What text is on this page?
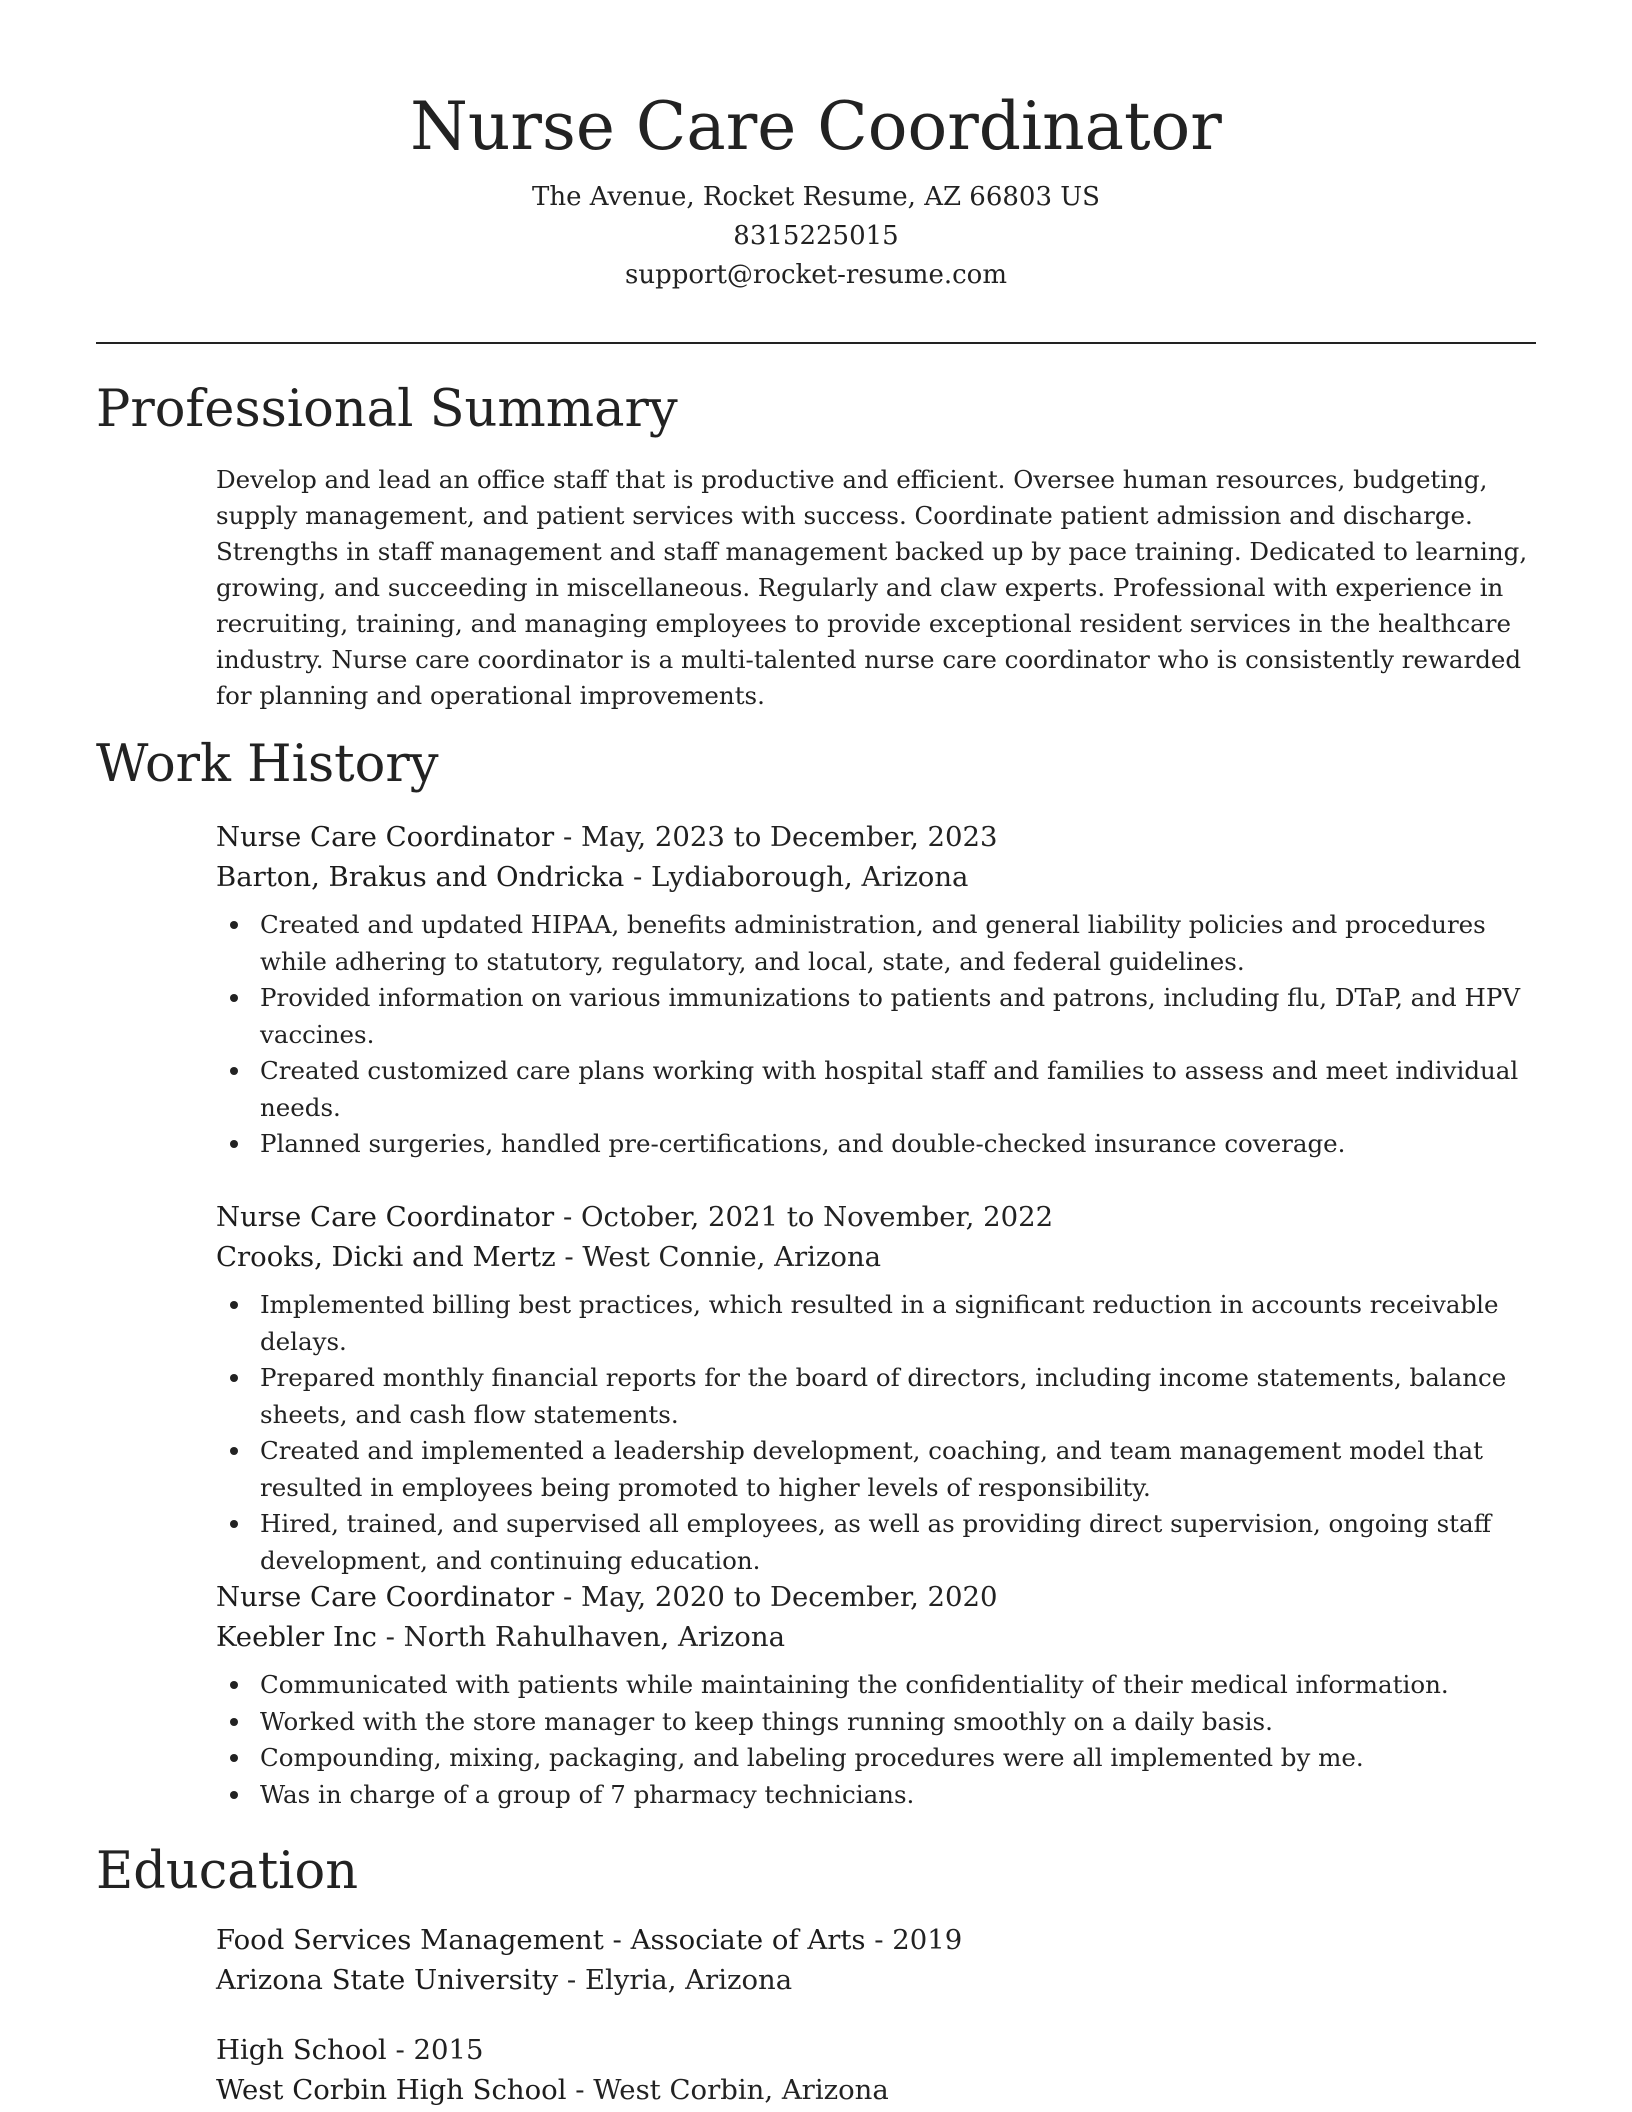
Nurse Care Coordinator
The Avenue, Rocket Resume, AZ 66803 US
8315225015
support@rocket-resume.com
Professional Summary
Develop and lead an office staff that is productive and efficient. Oversee human resources, budgeting, supply management, and patient services with success. Coordinate patient admission and discharge. Strengths in staff management and staff management backed up by pace training. Dedicated to learning, growing, and succeeding in miscellaneous. Regularly and claw experts. Professional with experience in recruiting, training, and managing employees to provide exceptional resident services in the healthcare industry. Nurse care coordinator is a multi-talented nurse care coordinator who is consistently rewarded for planning and operational improvements.
Work History
Nurse Care Coordinator - May, 2023 to December, 2023
Barton, Brakus and Ondricka - Lydiaborough, Arizona
Created and updated HIPAA, benefits administration, and general liability policies and procedures while adhering to statutory, regulatory, and local, state, and federal guidelines.
Provided information on various immunizations to patients and patrons, including flu, DTaP, and HPV vaccines.
Created customized care plans working with hospital staff and families to assess and meet individual needs.
Planned surgeries, handled pre-certifications, and double-checked insurance coverage.
Nurse Care Coordinator - October, 2021 to November, 2022
Crooks, Dicki and Mertz - West Connie, Arizona
Implemented billing best practices, which resulted in a significant reduction in accounts receivable delays.
Prepared monthly financial reports for the board of directors, including income statements, balance sheets, and cash flow statements.
Created and implemented a leadership development, coaching, and team management model that resulted in employees being promoted to higher levels of responsibility.
Hired, trained, and supervised all employees, as well as providing direct supervision, ongoing staff development, and continuing education.
Nurse Care Coordinator - May, 2020 to December, 2020
Keebler Inc - North Rahulhaven, Arizona
Communicated with patients while maintaining the confidentiality of their medical information.
Worked with the store manager to keep things running smoothly on a daily basis.
Compounding, mixing, packaging, and labeling procedures were all implemented by me.
Was in charge of a group of 7 pharmacy technicians.
Education
Food Services Management - Associate of Arts - 2019
Arizona State University - Elyria, Arizona
High School - 2015
West Corbin High School - West Corbin, Arizona
